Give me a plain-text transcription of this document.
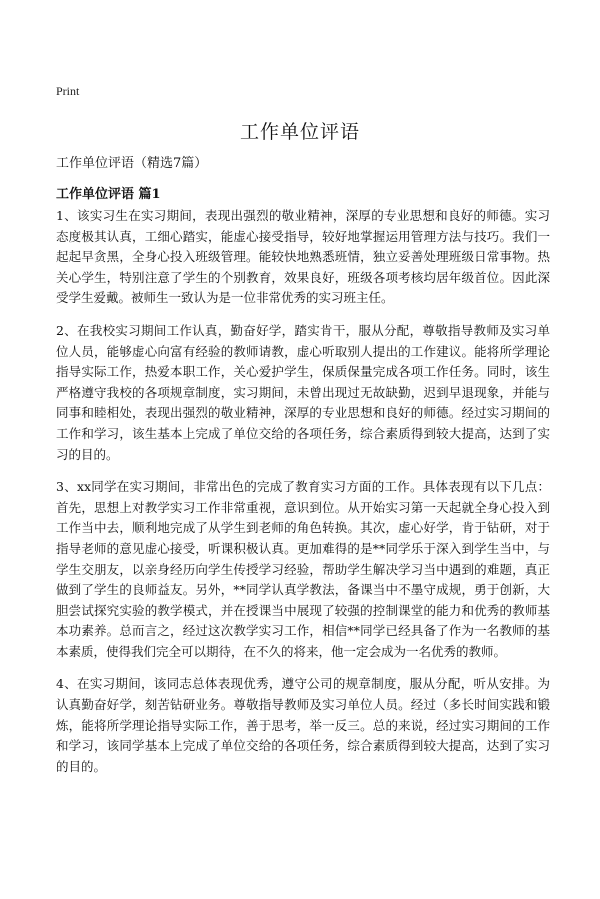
Print
工作单位评语

工作单位评语（精选7篇）

工作单位评语 篇1

1、该实习生在实习期间，表现出强烈的敬业精神，深厚的专业思想和良好的师德。实习态度极其认真，工细心踏实，能虚心接受指导，较好地掌握运用管理方法与技巧。我们一起起早贪黑，全身心投入班级管理。能较快地熟悉班情，独立妥善处理班级日常事物。热关心学生，特别注意了学生的个别教育，效果良好，班级各项考核均居年级首位。因此深受学生爱戴。被师生一致认为是一位非常优秀的实习班主任。

2、在我校实习期间工作认真，勤奋好学，踏实肯干，服从分配，尊敬指导教师及实习单位人员，能够虚心向富有经验的教师请教，虚心听取别人提出的工作建议。能将所学理论指导实际工作，热爱本职工作，关心爱护学生，保质保量完成各项工作任务。同时，该生严格遵守我校的各项规章制度，实习期间，未曾出现过无故缺勤，迟到早退现象，并能与同事和睦相处，表现出强烈的敬业精神，深厚的专业思想和良好的师德。经过实习期间的工作和学习，该生基本上完成了单位交给的各项任务，综合素质得到较大提高，达到了实习的目的。

3、xx同学在实习期间，非常出色的完成了教育实习方面的工作。具体表现有以下几点：首先，思想上对教学实习工作非常重视，意识到位。从开始实习第一天起就全身心投入到工作当中去，顺利地完成了从学生到老师的角色转换。其次，虚心好学，肯于钻研，对于指导老师的意见虚心接受，听课积极认真。更加难得的是**同学乐于深入到学生当中，与学生交朋友，以亲身经历向学生传授学习经验，帮助学生解决学习当中遇到的难题，真正做到了学生的良师益友。另外，**同学认真学教法，备课当中不墨守成规，勇于创新，大胆尝试探究实验的教学模式，并在授课当中展现了较强的控制课堂的能力和优秀的教师基本功素养。总而言之，经过这次教学实习工作，相信**同学已经具备了作为一名教师的基本素质，使得我们完全可以期待，在不久的将来，他一定会成为一名优秀的教师。

4、在实习期间，该同志总体表现优秀，遵守公司的规章制度，服从分配，听从安排。为认真勤奋好学，刻苦钻研业务。尊敬指导教师及实习单位人员。经过（多长时间实践和锻炼，能将所学理论指导实际工作，善于思考，举一反三。总的来说，经过实习期间的工作和学习，该同学基本上完成了单位交给的各项任务，综合素质得到较大提高，达到了实习的目的。
